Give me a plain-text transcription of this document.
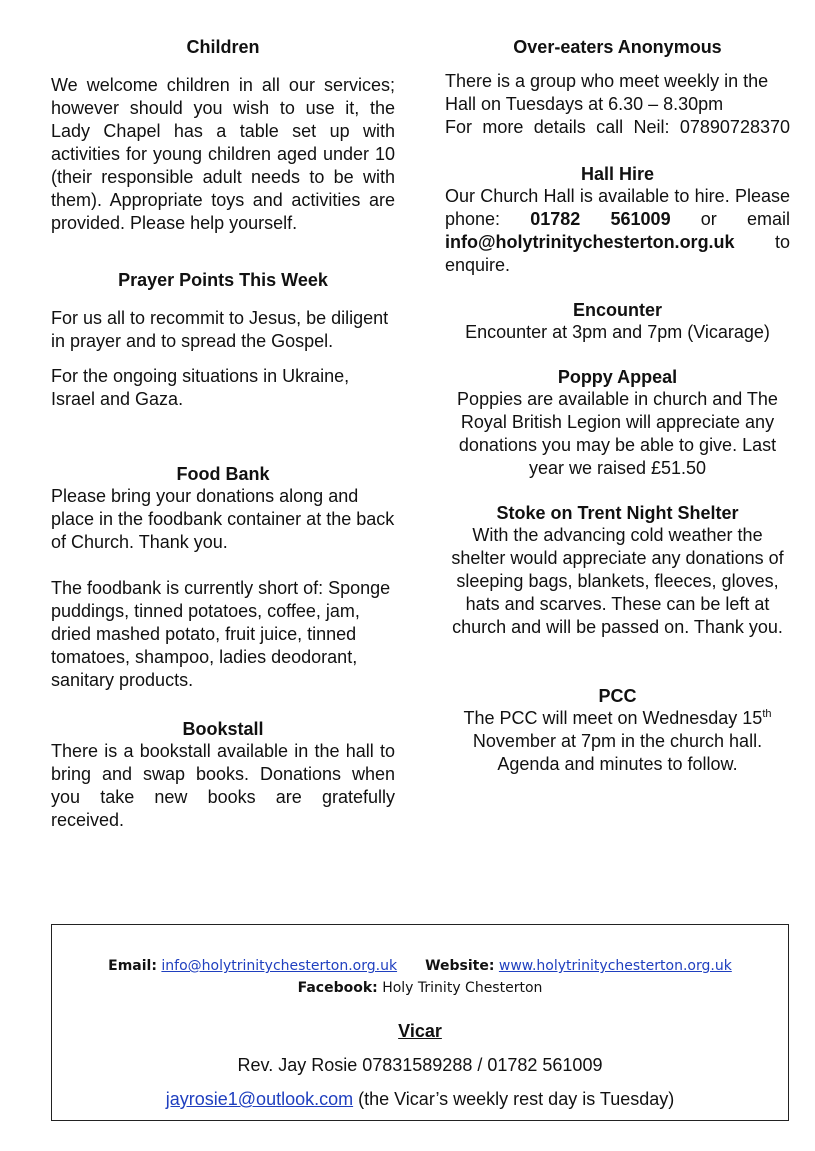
Children

We welcome children in all our services; however should you wish to use it, the Lady Chapel has a table set up with activities for young children aged under 10 (their responsible adult needs to be with them). Appropriate toys and activities are provided. Please help yourself.

Prayer Points This Week

For us all to recommit to Jesus, be diligent in prayer and to spread the Gospel.

For the ongoing situations in Ukraine, Israel and Gaza.

Food Bank

Please bring your donations along and place in the foodbank container at the back of Church. Thank you.

The foodbank is currently short of: Sponge puddings, tinned potatoes, coffee, jam, dried mashed potato, fruit juice, tinned tomatoes, shampoo, ladies deodorant, sanitary products.

Bookstall

There is a bookstall available in the hall to bring and swap books. Donations when you take new books are gratefully received.

Over-eaters Anonymous

There is a group who meet weekly in the Hall on Tuesdays at 6.30 – 8.30pm

For more details call Neil: 07890728370

Hall Hire

Our Church Hall is available to hire. Please phone: 01782 561009 or email info@holytrinitychesterton.org.uk to enquire.

Encounter

Encounter at 3pm and 7pm (Vicarage)

Poppy Appeal

Poppies are available in church and The Royal British Legion will appreciate any donations you may be able to give. Last year we raised £51.50

Stoke on Trent Night Shelter

With the advancing cold weather the shelter would appreciate any donations of sleeping bags, blankets, fleeces, gloves, hats and scarves. These can be left at church and will be passed on. Thank you.

PCC

The PCC will meet on Wednesday 15th November at 7pm in the church hall. Agenda and minutes to follow.

Email: info@holytrinitychesterton.org.uk Website: www.holytrinitychesterton.org.uk
Facebook: Holy Trinity Chesterton
Vicar
Rev. Jay Rosie 07831589288 / 01782 561009
jayrosie1@outlook.com (the Vicar’s weekly rest day is Tuesday)
